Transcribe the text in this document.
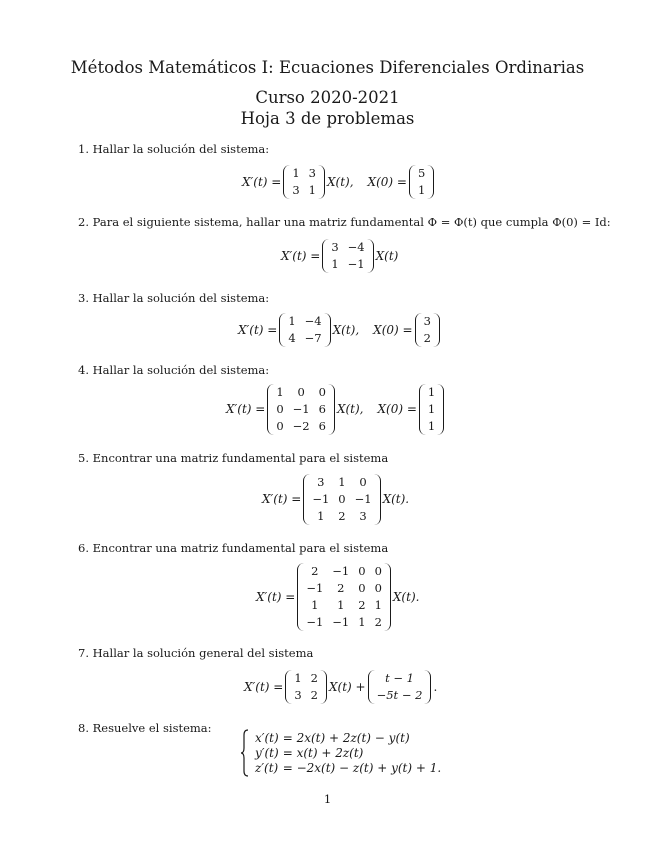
Métodos Matemáticos I: Ecuaciones Diferenciales Ordinarias
Curso 2020-2021
Hoja 3 de problemas
1. Hallar la solución del sistema:
X′(t) =
1 3
3 1
X(t), X(0) =
5
1
2. Para el siguiente sistema, hallar una matriz fundamental Φ = Φ(t) que cumpla Φ(0) = Id:
X′(t) =
3 −4
1 −1
X(t)
3. Hallar la solución del sistema:
X′(t) =
1 −4
4 −7
X(t), X(0) =
3
2
4. Hallar la solución del sistema:
X′(t) =
1	0	0
0 −1 6
0 −2 6
X(t), X(0) =
1
1
1
5. Encontrar una matriz fundamental para el sistema
X′(t) =
3	1	0
−1 0 −1
1	2	3
X(t).
6. Encontrar una matriz fundamental para el sistema
X′(t) =
2	−1 0 0
−1	2	0 0
1	1	2 1
−1 −1 1 2
X(t).
7. Hallar la solución general del sistema
X′(t) =
1 2
3 2
X(t) +
t − 1
−5t − 2
.
8. Resuelve el sistema:
x′(t) = 2x(t) + 2z(t) − y(t)
y′(t) = x(t) + 2z(t)
z′(t) = −2x(t) − z(t) + y(t) + 1.
1
